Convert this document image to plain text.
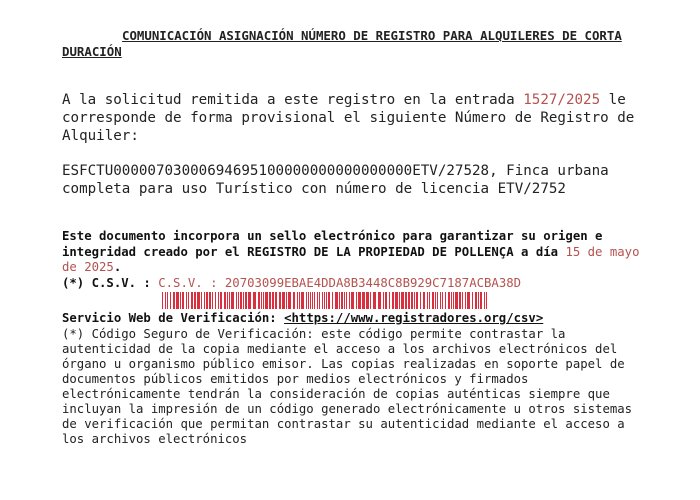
COMUNICACIÓN ASIGNACIÓN NÚMERO DE REGISTRO PARA ALQUILERES DE CORTA DURACIÓN

A la solicitud remitida a este registro en la entrada 1527/2025 le corresponde de forma provisional el siguiente Número de Registro de Alquiler:

ESFCTU00000703000694695100000000000000000ETV/27528, Finca urbana completa para uso Turístico con número de licencia ETV/2752

Este documento incorpora un sello electrónico para garantizar su origen e integridad creado por el REGISTRO DE LA PROPIEDAD DE POLLENÇA a día 15 de mayo de 2025.
(*) C.S.V. : C.S.V. : 20703099EBAE4DDA8B3448C8B929C7187ACBA38D
Servicio Web de Verificación: <https://www.registradores.org/csv>

(*) Código Seguro de Verificación: este código permite contrastar la autenticidad de la copia mediante el acceso a los archivos electrónicos del órgano u organismo público emisor. Las copias realizadas en soporte papel de documentos públicos emitidos por medios electrónicos y firmados electrónicamente tendrán la consideración de copias auténticas siempre que incluyan la impresión de un código generado electrónicamente u otros sistemas de verificación que permitan contrastar su autenticidad mediante el acceso a los archivos electrónicos
